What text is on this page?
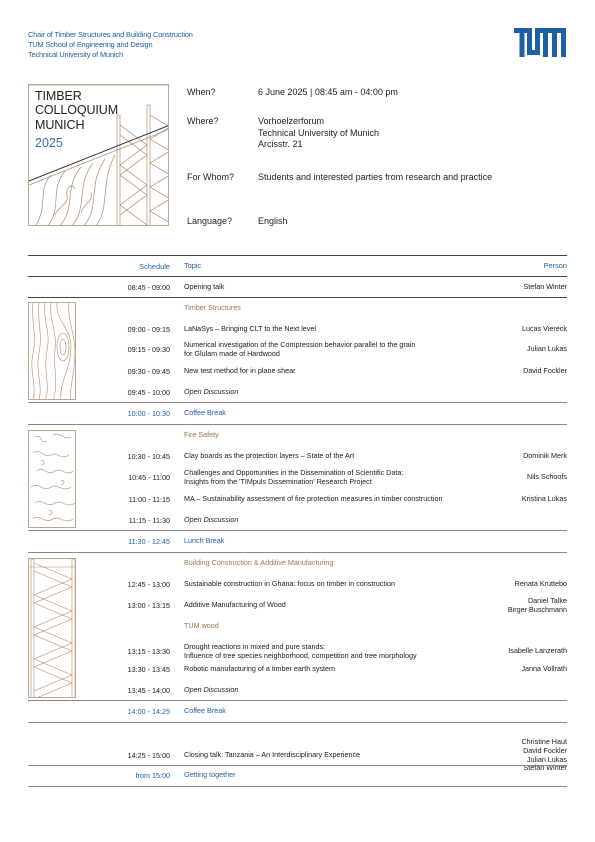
Chair of Timber Structures and Building Construction
TUM School of Engineering and Design
Technical University of Munich
TIMBER
COLLOQUIUM
MUNICH
2025
When?	6 June 2025 | 08:45 am - 04:00 pm
Where?	Vorhoelzerforum
Technical University of Munich
Arcisstr. 21
For Whom?	Students and interested parties from research and practice
Language?	English
Schedule Topic	Person
08:45 - 09:00 Opening talk	Stefan Winter
Timber Structures
09:00 - 09:15 LaNaSys – Bringing CLT to the Next level	Lucas Viereck
09:15 - 09:30
Numerical investigation of the Compression behavior parallel to the grain
for Glulam made of Hardwood	Julian Lukas
09:30 - 09:45 New test method for in plane shear	David Fockler
09:45 - 10:00 Open Discussion
10:00 - 10:30 Coffee Break
Fire Safety
10:30 - 10:45 Clay boards as the protection layers – State of the Art	Dominik Merk
10:45 - 11:00
Challenges and Opportunities in the Dissemination of Scientific Data:
Insights from the 'TIMpuls Dissemination' Research Project	Nils Schoofs
11:00 - 11:15 MA – Sustainability assessment of fire protection measures in timber construction	Kristina Lukas
11:15 - 11:30 Open Discussion
11:30 - 12:45 Lunch Break
Building Construction & Additive Manufacturing
12:45 - 13:00 Sustainable construction in Ghana: focus on timber in construction	Renata Kruttebo
13:00 - 13:15 Additive Manufacturing of Wood	Daniel Talke
Birger Buschmann
TUM.wood
13:15 - 13:30
Drought reactions in mixed and pure stands:
Influence of tree species neighborhood, competition and tree morphology	Isabelle Lanzerath
13:30 - 13:45 Robotic manufacturing of a timber earth system	Janna Vollrath
13:45 - 14:00 Open Discussion
14:00 - 14:25 Coffee Break
14:25 - 15:00 Closing talk: Tanzania – An Interdisciplinary Experience
Christine Haut
David Fockler
Julian Lukas
Stefan Winter
from 15:00 Getting together
